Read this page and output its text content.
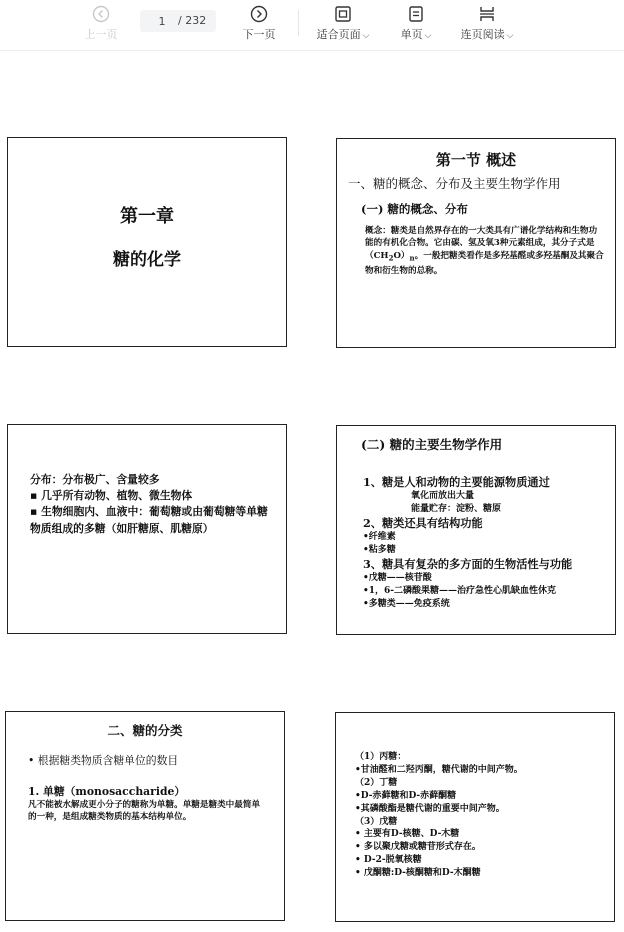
上一页
1
/ 232
下一页	适合页面 ⌵	单页 ⌵	连页阅读 ⌵
第一章
糖的化学
第一节 概述
一、糖的概念、分布及主要生物学作用
(一) 糖的概念、分布
概念：糖类是自然界存在的一大类具有广谱化学结构和生物功能的有机化合物。它由碳、氢及氧3种元素组成，其分子式是$(CH_2O)_n$。一般把糖类看作是多羟基醛或多羟基酮及其聚合物和衍生物的总称。
分布：分布极广、含量较多
▪ 几乎所有动物、植物、微生物体
▪ 生物细胞内、血液中：葡萄糖或由葡萄糖等单糖物质组成的多糖（如肝糖原、肌糖原）
(二) 糖的主要生物学作用
1、糖是人和动物的主要能源物质通过
氧化而放出大量
能量贮存：淀粉、糖原
2、糖类还具有结构功能
•纤维素
•粘多糖
3、糖具有复杂的多方面的生物活性与功能
•戊糖——核苷酸
•1，6-二磷酸果糖——治疗急性心肌缺血性休克
•多糖类——免疫系统
二、糖的分类
• 根据糖类物质含糖单位的数目
1. 单糖（monosaccharide）
凡不能被水解成更小分子的糖称为单糖。单糖是糖类中最简单的一种，是组成糖类物质的基本结构单位。
（1）丙糖：
•甘油醛和二羟丙酮，糖代谢的中间产物。
（2）丁糖
•D-赤藓糖和D-赤藓酮糖
•其磷酸酯是糖代谢的重要中间产物。
（3）戊糖
• 主要有D-核糖、D-木糖
• 多以聚戊糖或糖苷形式存在。
• D-2-脱氧核糖
• 戊酮糖:D-核酮糖和D-木酮糖
